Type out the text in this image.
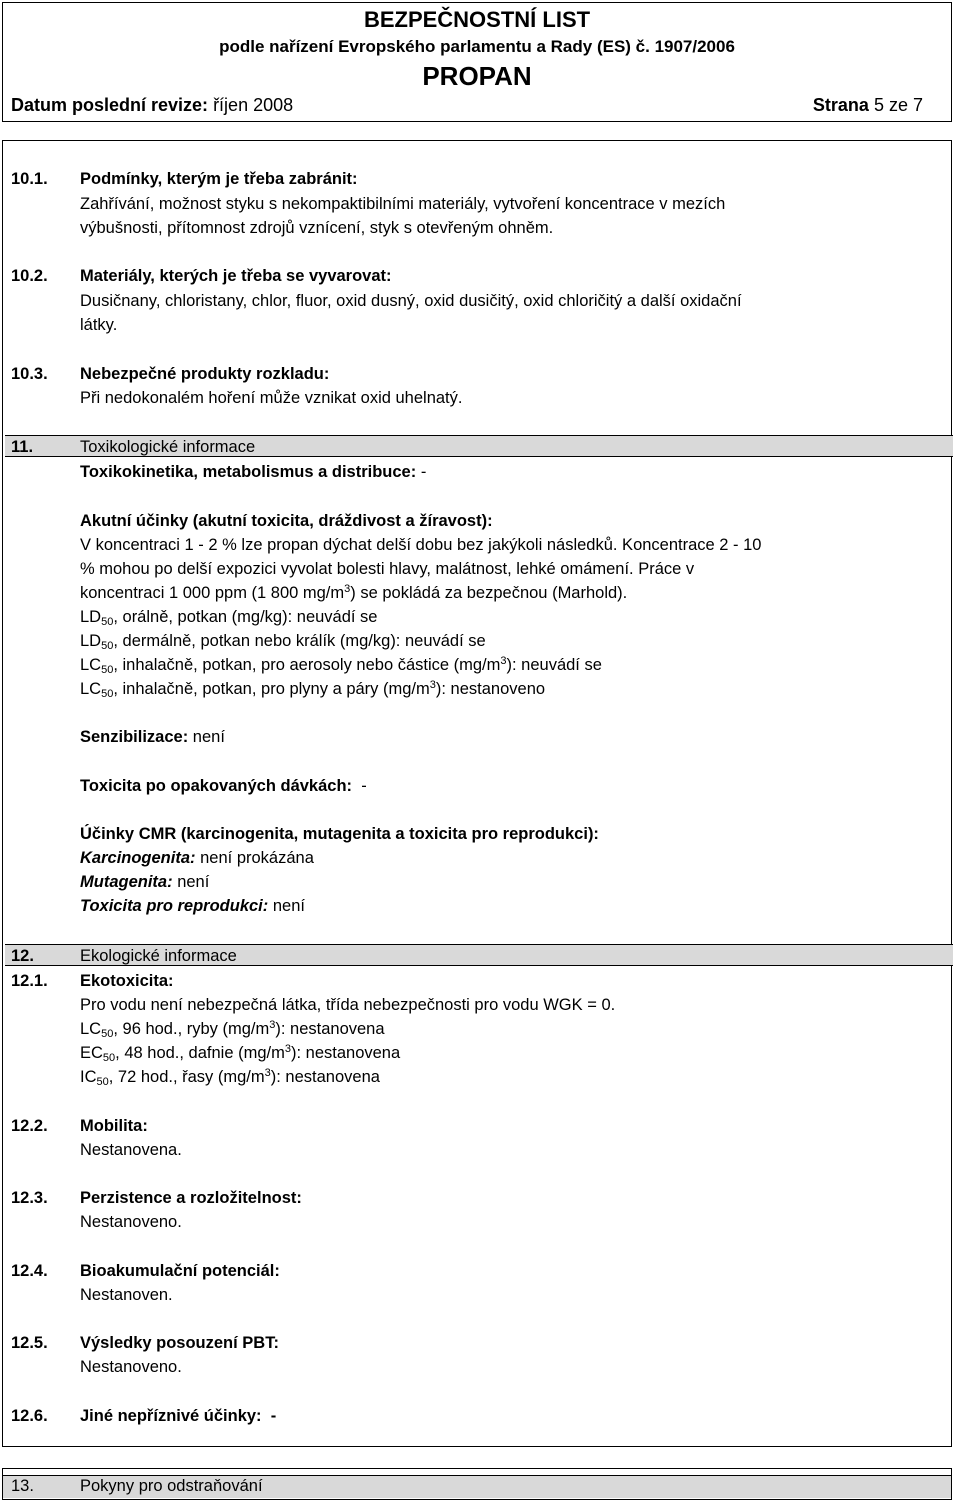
BEZPEČNOSTNÍ LIST
podle nařízení Evropského parlamentu a Rady (ES) č. 1907/2006
PROPAN
Datum poslední revize: říjen 2008	Strana 5 ze 7
10.1. Podmínky, kterým je třeba zabránit:
Zahřívání, možnost styku s nekompaktibilními materiály, vytvoření koncentrace v mezích
výbušnosti, přítomnost zdrojů vznícení, styk s otevřeným ohněm.
10.2. Materiály, kterých je třeba se vyvarovat:
Dusičnany, chloristany, chlor, fluor, oxid dusný, oxid dusičitý, oxid chloričitý a další oxidační
látky.
10.3. Nebezpečné produkty rozkladu:
Při nedokonalém hoření může vznikat oxid uhelnatý.
11.	Toxikologické informace
Toxikokinetika, metabolismus a distribuce: -
Akutní účinky (akutní toxicita, dráždivost a žíravost):
V koncentraci 1 - 2 % lze propan dýchat delší dobu bez jakýkoli následků. Koncentrace 2 - 10
% mohou po delší expozici vyvolat bolesti hlavy, malátnost, lehké omámení. Práce v
koncentraci 1 000 ppm (1 800 $mg/m^3$) se pokládá za bezpečnou (Marhold).
$LD_{50}$, orálně, potkan (mg/kg): neuvádí se
$LD_{50}$, dermálně, potkan nebo králík (mg/kg): neuvádí se
$LC_{50}$, inhalačně, potkan, pro aerosoly nebo částice $(mg/m^3)$: neuvádí se
$LC_{50}$, inhalačně, potkan, pro plyny a páry $(mg/m^3)$: nestanoveno
Senzibilizace: není
Toxicita po opakovaných dávkách: -
Účinky CMR (karcinogenita, mutagenita a toxicita pro reprodukci):
Karcinogenita: není prokázána
Mutagenita: není
Toxicita pro reprodukci: není
12.	Ekologické informace
12.1. Ekotoxicita:
Pro vodu není nebezpečná látka, třída nebezpečnosti pro vodu WGK = 0.
$LC_{50}$, 96 hod., ryby $(mg/m^3)$: nestanovena
$EC_{50}$, 48 hod., dafnie $(mg/m^3)$: nestanovena
$IC_{50}$, 72 hod., řasy $(mg/m^3)$: nestanovena
12.2. Mobilita:
Nestanovena.
12.3. Perzistence a rozložitelnost:
Nestanoveno.
12.4. Bioakumulační potenciál:
Nestanoven.
12.5. Výsledky posouzení PBT:
Nestanoveno.
12.6. Jiné nepříznivé účinky: -
13.	Pokyny pro odstraňování
